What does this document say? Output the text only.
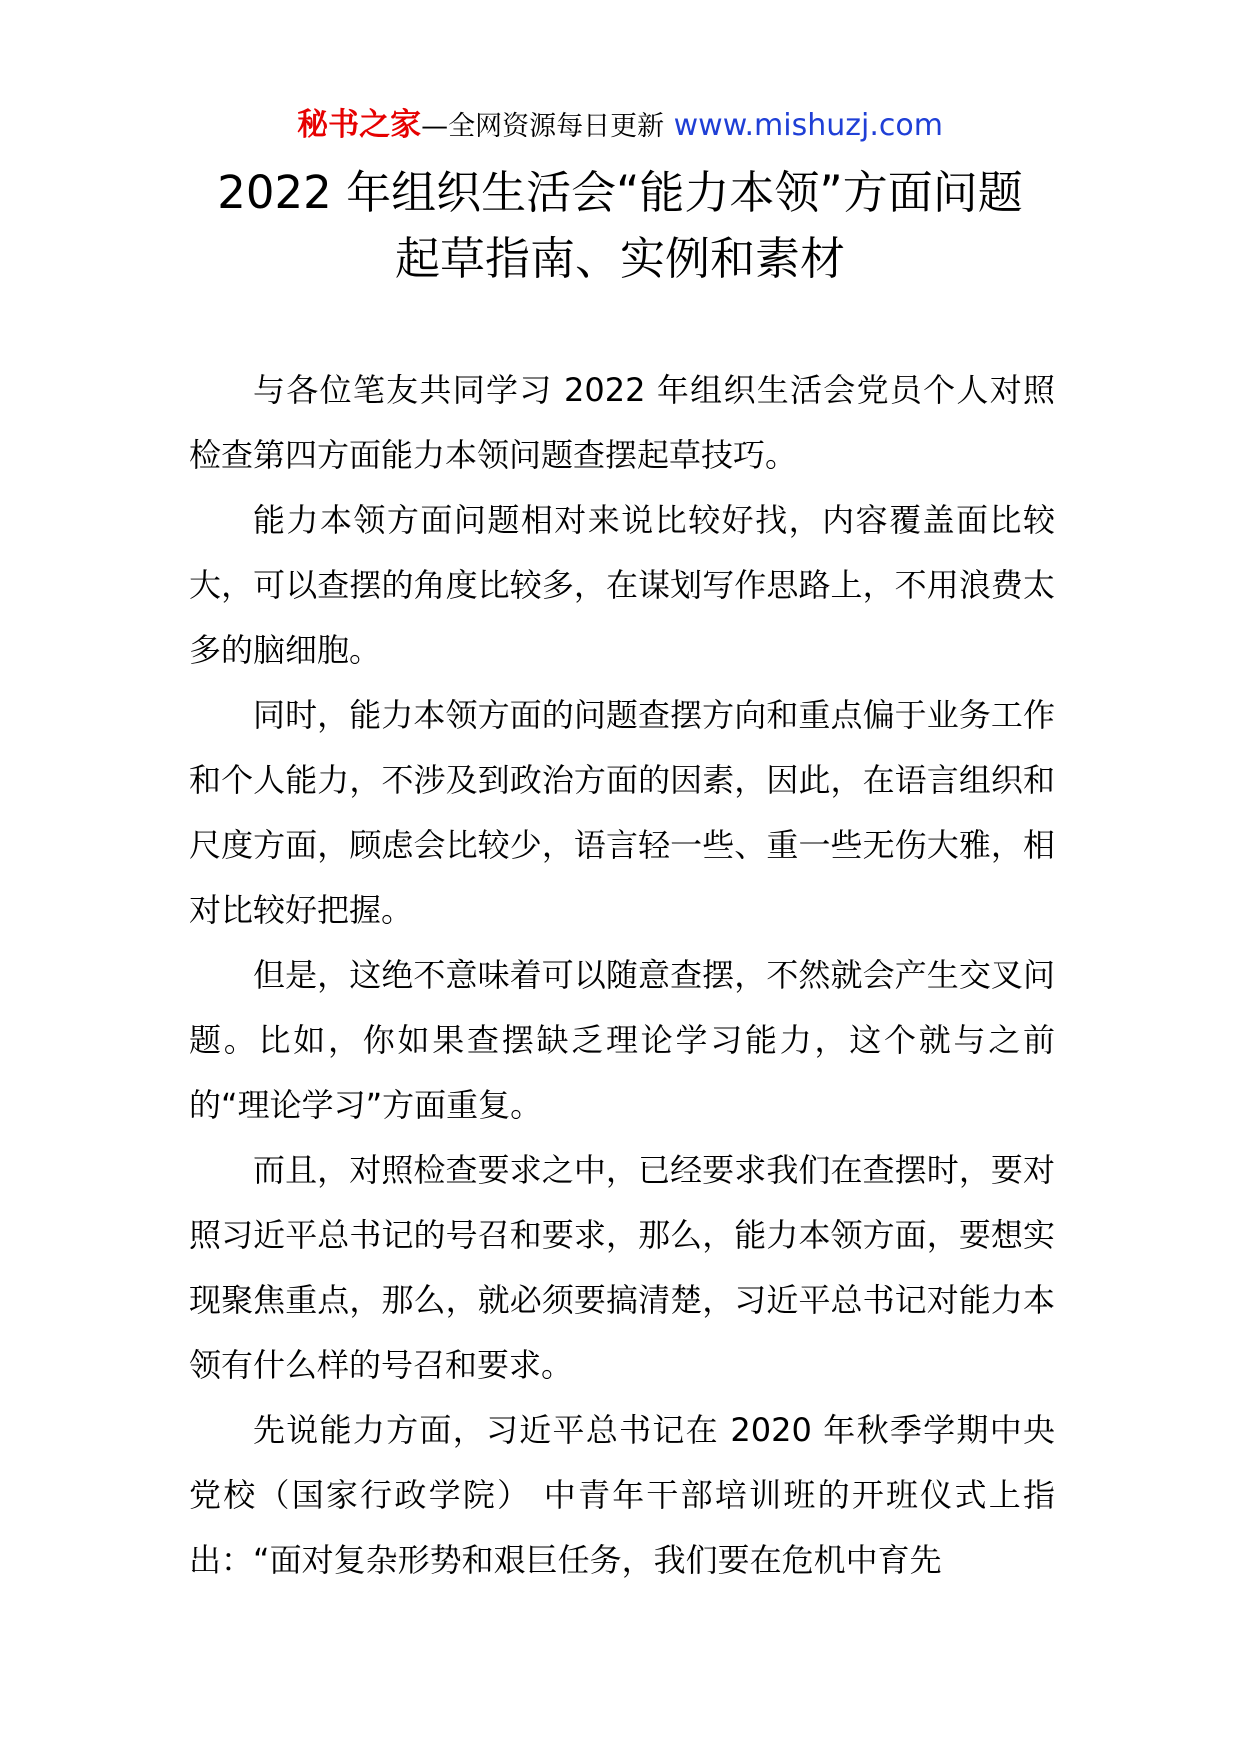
秘书之家—全网资源每日更新 www.mishuzj.com
2022 年组织生活会“能力本领”方面问题
起草指南、实例和素材

与各位笔友共同学习 2022 年组织生活会党员个人对照检查第四方面能力本领问题查摆起草技巧。

能力本领方面问题相对来说比较好找，内容覆盖面比较大，可以查摆的角度比较多，在谋划写作思路上，不用浪费太多的脑细胞。

同时，能力本领方面的问题查摆方向和重点偏于业务工作和个人能力，不涉及到政治方面的因素，因此，在语言组织和尺度方面，顾虑会比较少，语言轻一些、重一些无伤大雅，相对比较好把握。

但是，这绝不意味着可以随意查摆，不然就会产生交叉问题。比如，你如果查摆缺乏理论学习能力，这个就与之前的“理论学习”方面重复。

而且，对照检查要求之中，已经要求我们在查摆时，要对照习近平总书记的号召和要求，那么，能力本领方面，要想实现聚焦重点，那么，就必须要搞清楚，习近平总书记对能力本领有什么样的号召和要求。

先说能力方面，习近平总书记在 2020 年秋季学期中央党校（国家行政学院） 中青年干部培训班的开班仪式上指出：“面对复杂形势和艰巨任务，我们要在危机中育先
